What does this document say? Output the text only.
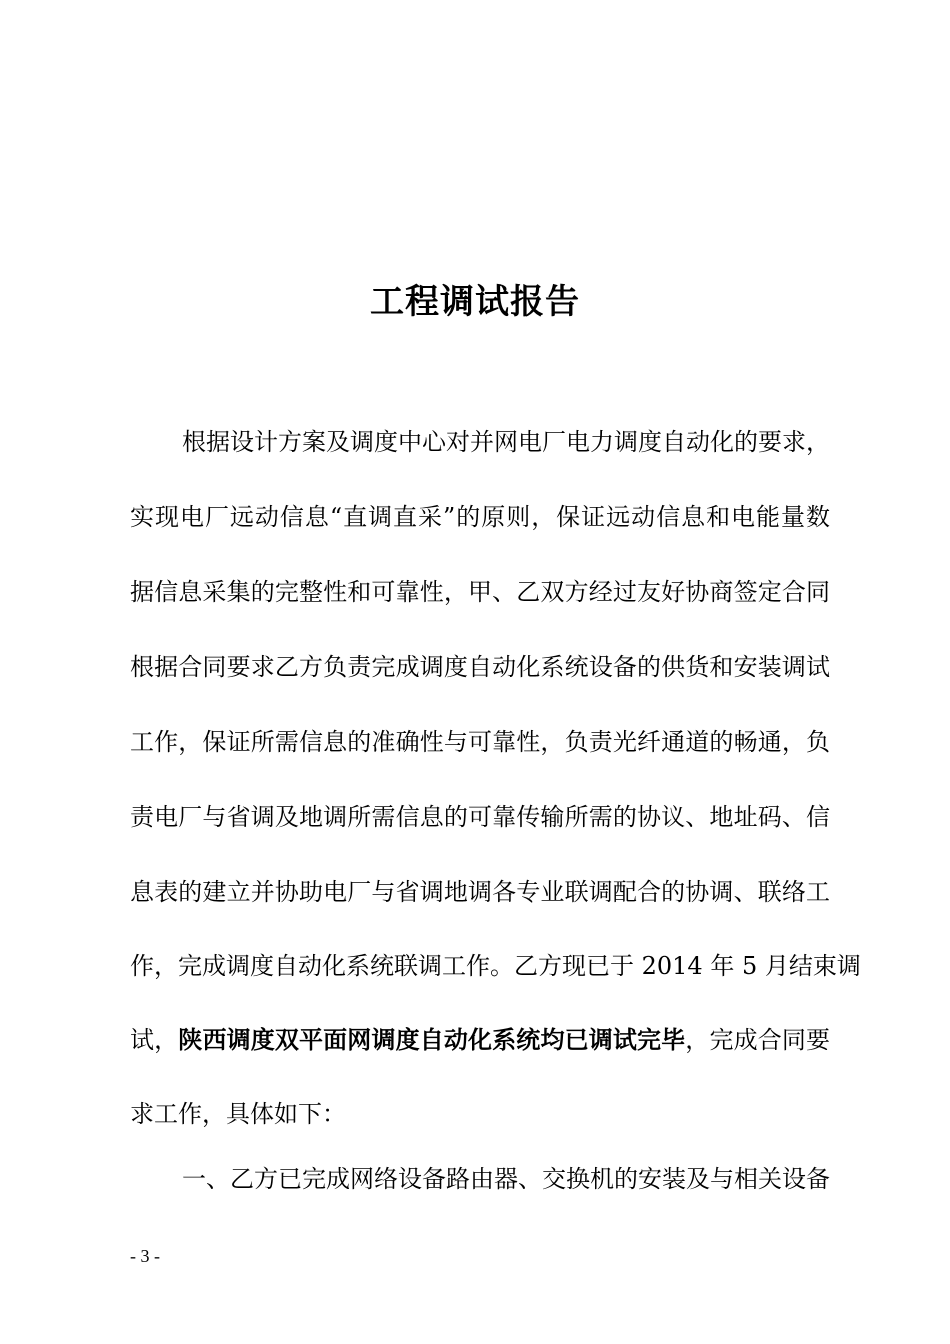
工程调试报告
根据设计方案及调度中心对并网电厂电力调度自动化的要求，
实现电厂远动信息“直调直采”的原则，保证远动信息和电能量数
据信息采集的完整性和可靠性，甲、乙双方经过友好协商签定合同
根据合同要求乙方负责完成调度自动化系统设备的供货和安装调试
工作，保证所需信息的准确性与可靠性，负责光纤通道的畅通，负
责电厂与省调及地调所需信息的可靠传输所需的协议、地址码、信
息表的建立并协助电厂与省调地调各专业联调配合的协调、联络工
作，完成调度自动化系统联调工作。乙方现已于 2014 年 5 月结束调
试，陕西调度双平面网调度自动化系统均已调试完毕，完成合同要
求工作，具体如下：
一、乙方已完成网络设备路由器、交换机的安装及与相关设备
- 3 -
